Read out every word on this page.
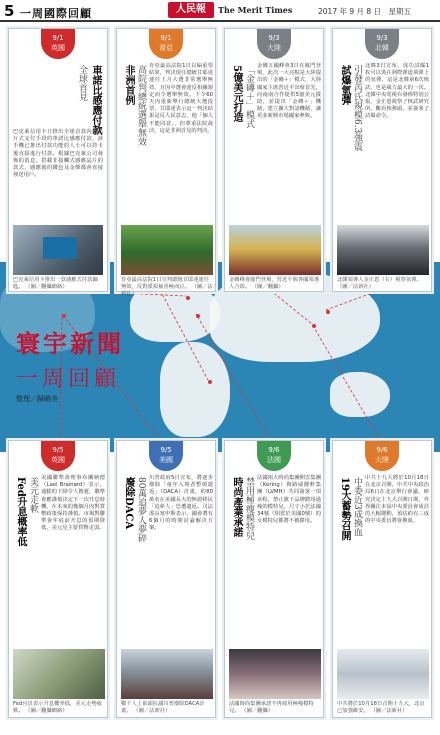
5 一周國際回顧	人民報	The Merit Times	2017 年 9 月 8 日　星期五
寰宇新聞
一周回顧
整理／歸曉美
9/1
英國
車諾比感應付款
全球首見
巴克萊信用卡日推出全球首款內建晶片式支付手段的車諾比感應付款，該手機已推出付款功能的人士可以持卡後直接進行付款。根據巴克萊公司發佈的消息，搭載非接觸式感應晶片的款式，感應後的錢包及金額都會直接發送用戶。
巴克萊信用卡推出一款感應式付款鑰匙。 （圖／翻攝網絡）
9/1
青亞
非洲首例 高院判總統選舉無效 肯亞最高法院1日以偏重票結果，判決現任總統甘耶達連任上月大選非常選舉無效，且因中選會違反相關規定而令選舉無效。下令60天內重新舉行總統大選投票，甘耶達表示這一判決結果是反人民意志，他「個人不能同意」，但尊重法院裁決，這是非洲首見的判決。
肯亞最高法院1日宣判總統甘耶達連任無效，反對派領袖喜極而泣。 （圖／法新社）
9/3
大陸
5億美元打造 「金磚＋」模式 金磚五國峰會3日在廈門登場，此次一大亮點是大陸提出的「金磚＋」模式，大陸國家主席習近平出席首先，向南南合作提供5億美元援助，並提出「金磚＋」機制，建立擴大對話機制，讓更多新興市場國家參與。
金磚峰會廈門登場，習近平與各國領導人合影。 （圖／翻攝）
9/3
北韓
試爆氫彈 引發芮氏規模6.3強震 北韓3日宣布，成功試爆1枚可以裝在洲際彈道飛彈上的氫彈，這是北韓第6次核試，也是威力最大的一次。北韓中央電視台發佈特別公報，金正恩視察了核武研究所，觀看核彈頭，並簽署了試爆命令。
北韓領導人金正恩（右）視察氫彈。 （圖／法新社）
9/5
英國
Fed升息概率低 美元走軟 美國聯準會理事布蘭納德（Lael Brainard）表示，通膨的下降令人擔憂，聯準會應謹慎決定下一次升息時機，在未來的幾個月內對貨幣政策保持謹慎。市場對聯準會年底前升息的預期降低，美元兌主要貨幣走弱。
Fed官員表示升息概率低，美元走勢疲軟。 （圖／翻攝網絡）
9/5
美國
廢除DACA 80萬追夢人夢碎 川普政府5日宣布，將逐步廢除「童年入境者暫緩遣返」（DACA）計畫，約80萬名在美國長大的無證移民「追夢人」恐遭遣返。司法部長塞申斯表示，國會將有6個月的時間討論解決方案。
數千人上街頭抗議川普廢除DACA計畫。 （圖／法新社）
9/6
法國
時尚產業承諾 禁用極瘦模特兒 法國兩大時尚集團開雲集團（Kering）與路威酩軒集團（LVMH）共同簽署一項章程，禁止旗下品牌聘用過瘦的模特兒，尺寸小於法國34號（相當於美國0號）的女模特兒都將不被錄用。
法國時尚集團承諾不再雇用極瘦模特兒。 （圖／翻攝）
9/6
大陸
19大蓄勢召開 中委近3成換血 中共十九大將於10月18日在北京召開，中共中央政治局6日在北京舉行會議，研究決定十九大召開日期，外界關注本屆中央委員會成員的大幅變動，預估約有三成的中央委員將會換血。
中共將於10月18日召開十九大，北京已加強維安。 （圖／法新社）
